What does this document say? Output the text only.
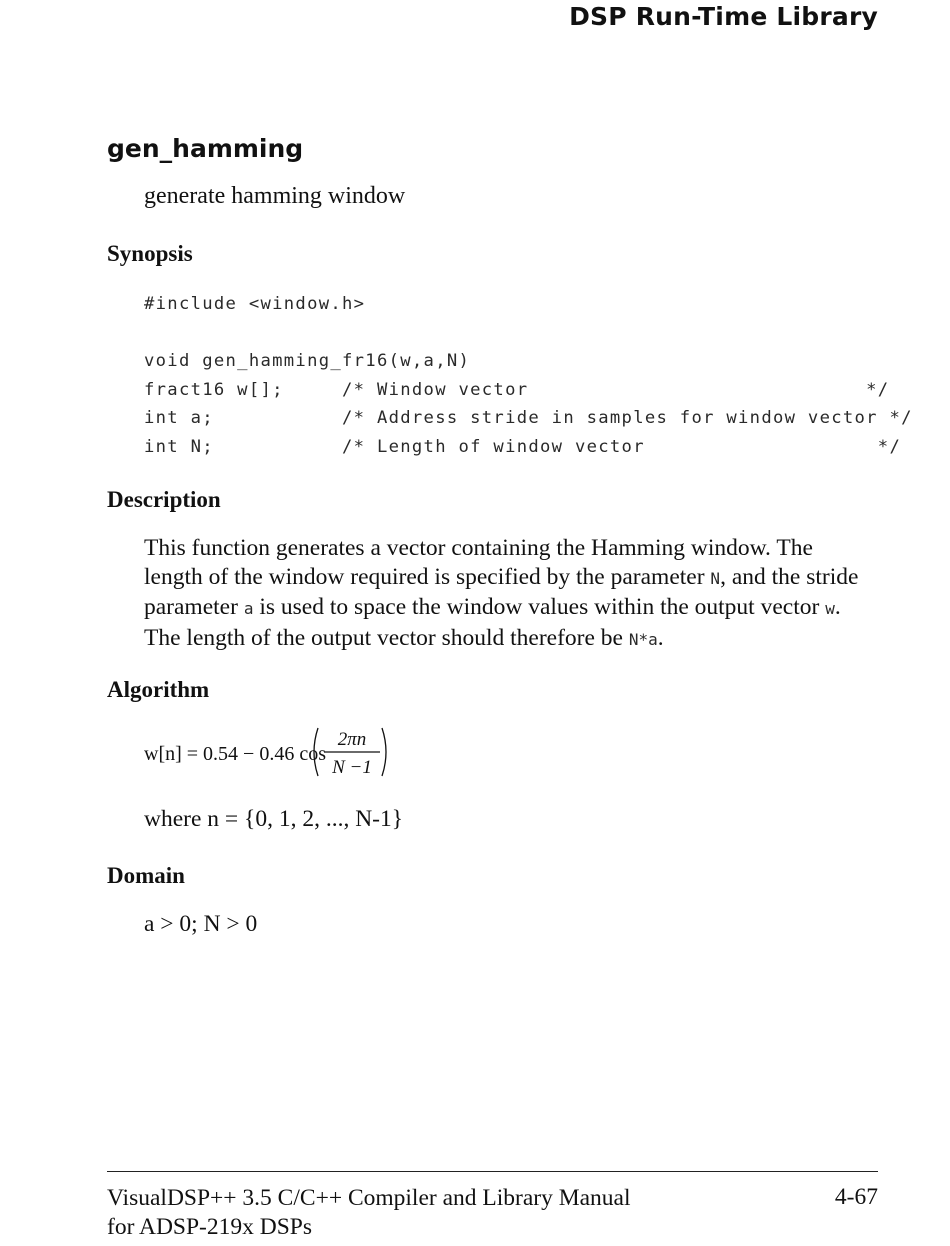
DSP Run-Time Library
gen_hamming
generate hamming window
Synopsis
#include <window.h>

void gen_hamming_fr16(w,a,N)
fract16 w[];     /* Window vector                             */
int a;           /* Address stride in samples for window vector */
int N;           /* Length of window vector                    */
Description

This function generates a vector containing the Hamming window. The length of the window required is specified by the parameter N, and the stride parameter a is used to space the window values within the output vector w. The length of the output vector should therefore be N*a.

Algorithm
w[n] = 0.54 − 0.46 cos
2πn
N −1
where n = {0, 1, 2, ..., N-1}
Domain
a > 0; N > 0
VisualDSP++ 3.5 C/C++ Compiler and Library Manual
for ADSP-219x DSPs
4-67
